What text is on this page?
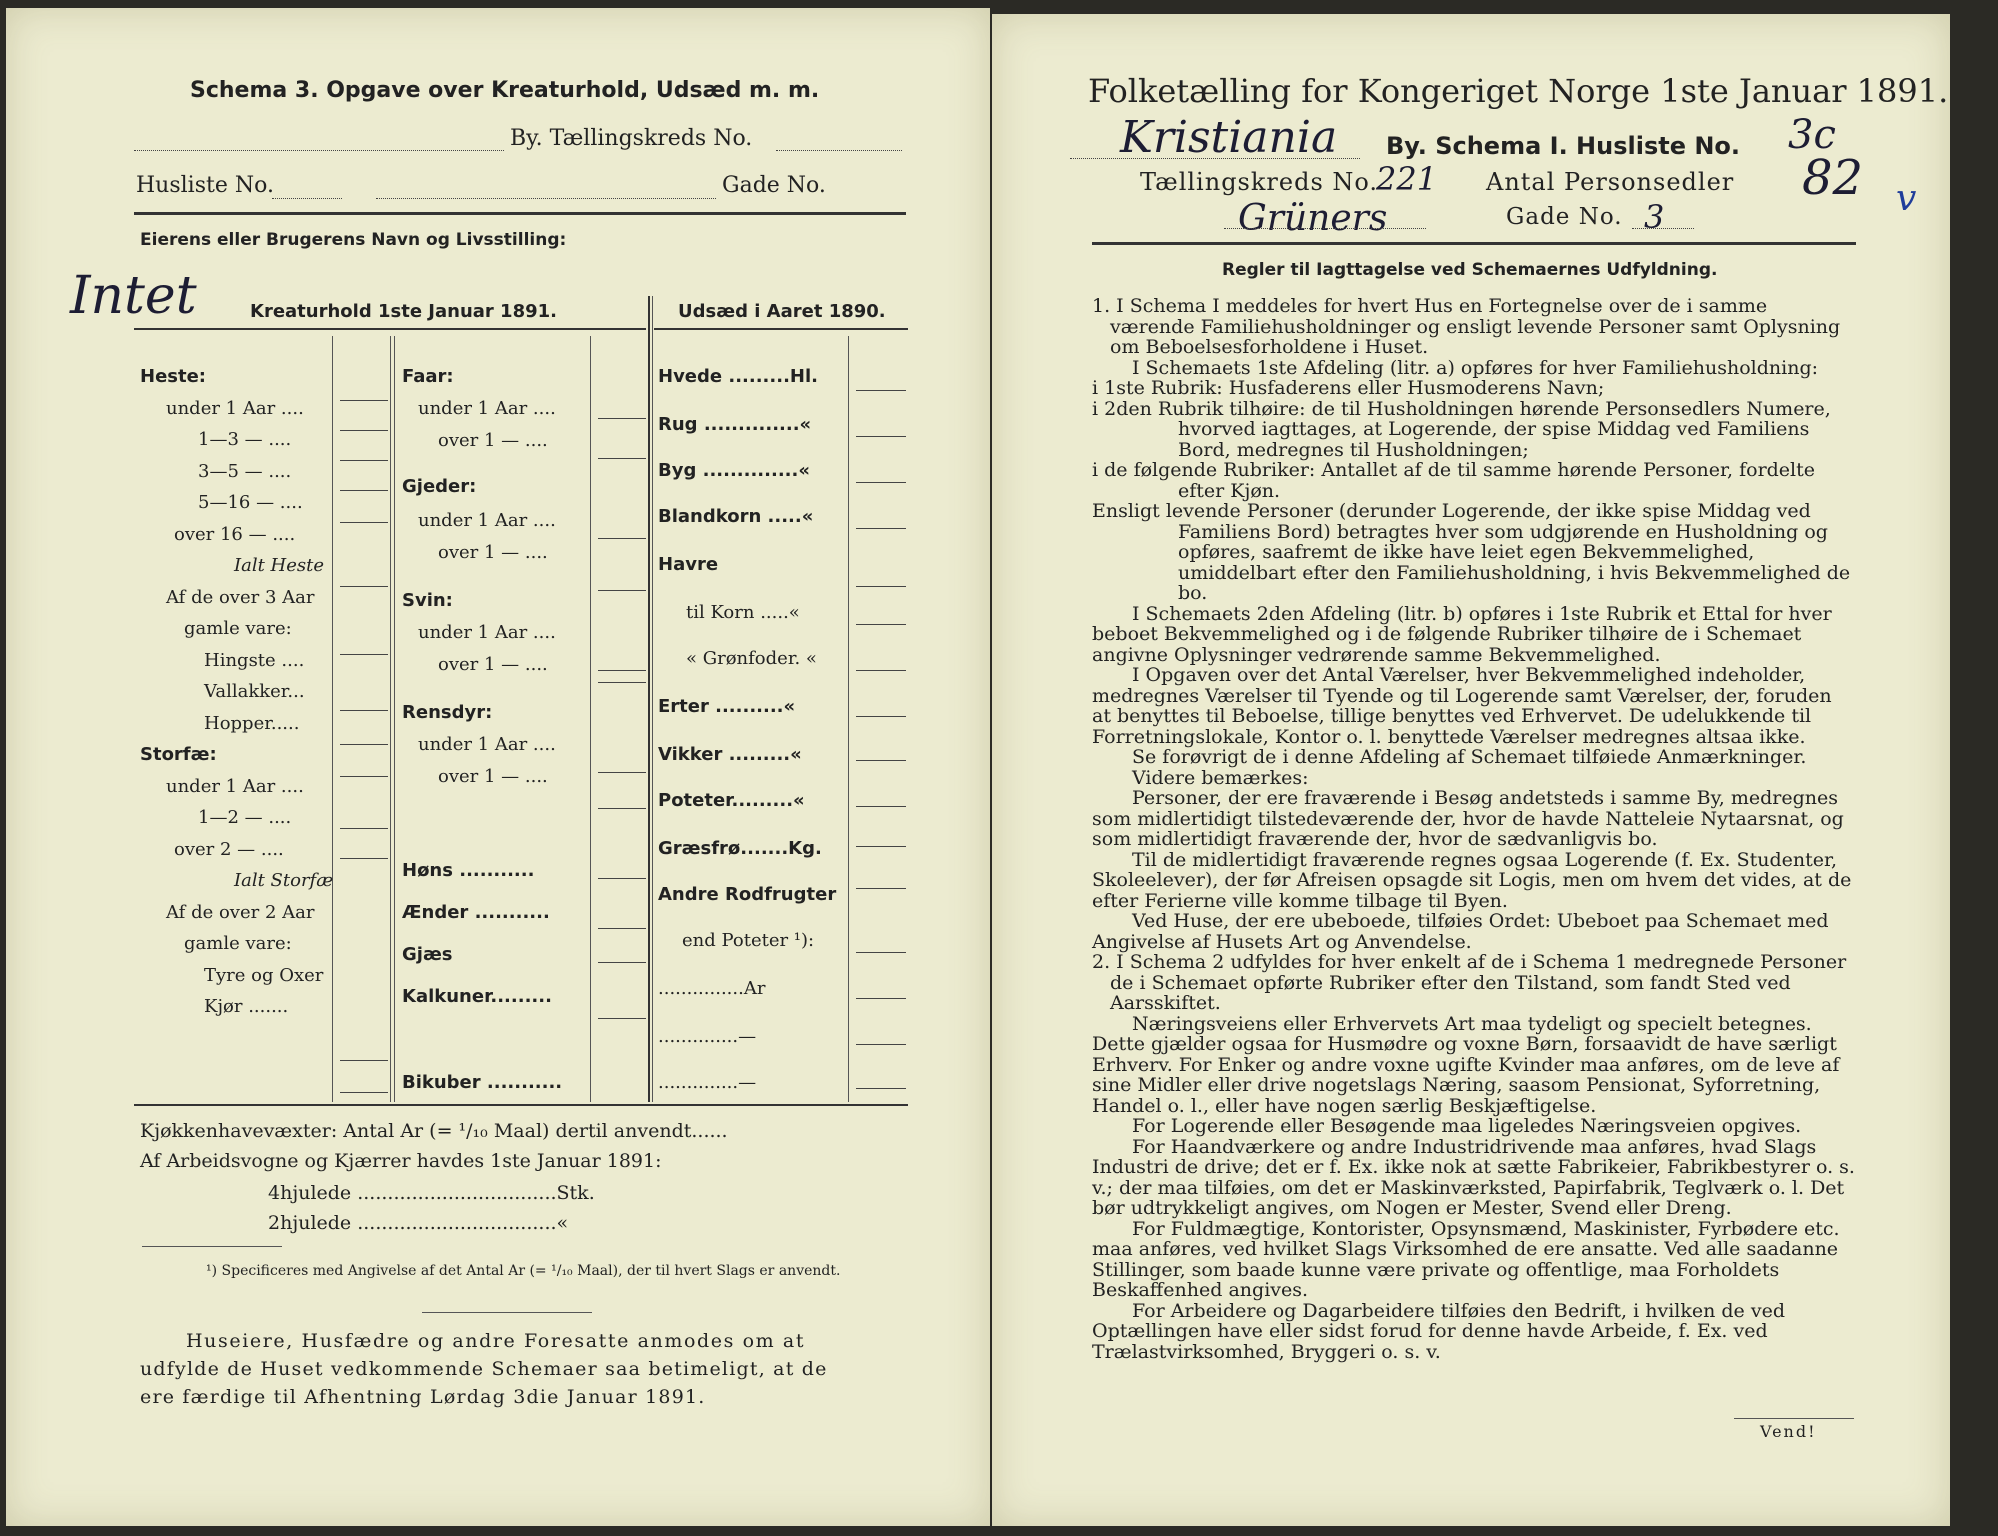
Schema 3. Opgave over Kreaturhold, Udsæd m. m.
By. Tællingskreds No.
Husliste No.	Gade No.
Eierens eller Brugerens Navn og Livsstilling:
Intet	Kreaturhold 1ste Januar 1891.	Udsæd i Aaret 1890.
Heste:
under 1 Aar ....
1—3 — ....
3—5 — ....
5—16 — ....
over 16 — ....
Ialt Heste
Af de over 3 Aar
gamle vare:
Hingste ....
Vallakker...
Hopper.....
Storfæ:
under 1 Aar ....
1—2 — ....
over 2 — ....
Ialt Storfæ
Af de over 2 Aar
gamle vare:
Tyre og Oxer
Kjør .......
Faar:
under 1 Aar ....
over 1 — ....
Gjeder:
under 1 Aar ....
over 1 — ....
Svin:
under 1 Aar ....
over 1 — ....
Rensdyr:
under 1 Aar ....
over 1 — ....
Høns ...........
Ænder ...........
Gjæs
Kalkuner.........
Bikuber ...........
Hvede .........Hl.
Rug ..............«
Byg ..............«
Blandkorn .....«
Havre
til Korn .....«
« Grønfoder. «
Erter ..........«
Vikker .........«
Poteter.........«
Græsfrø.......Kg.
Andre Rodfrugter
end Poteter ¹):
...............Ar
..............—
..............—
Kjøkkenhavevæxter: Antal Ar (= ¹/₁₀ Maal) dertil anvendt......
Af Arbeidsvogne og Kjærrer havdes 1ste Januar 1891:
4hjulede .................................Stk.
2hjulede .................................«
¹) Specificeres med Angivelse af det Antal Ar (= ¹/₁₀ Maal), der til hvert Slags er anvendt.
Huseiere, Husfædre og andre Foresatte anmodes om at
udfylde de Huset vedkommende Schemaer saa betimeligt, at de
ere færdige til Afhentning Lørdag 3die Januar 1891.
Folketælling for Kongeriget Norge 1ste Januar 1891.
Kristiania By. Schema I. Husliste No. 3c
Tællingskreds No.
221 Antal Personsedler 82 v
Grüners	Gade No. 3
Regler til Iagttagelse ved Schemaernes Udfyldning.

1. I Schema I meddeles for hvert Hus en Fortegnelse over de i samme værende Familiehusholdninger og ensligt levende Personer samt Oplysning om Beboelsesforholdene i Huset.

I Schemaets 1ste Afdeling (litr. a) opføres for hver Familiehusholdning:

i 1ste Rubrik: Husfaderens eller Husmoderens Navn;

i 2den Rubrik tilhøire: de til Husholdningen hørende Personsedlers Numere, hvorved iagttages, at Logerende, der spise Middag ved Familiens Bord, medregnes til Husholdningen;

i de følgende Rubriker: Antallet af de til samme hørende Personer, fordelte efter Kjøn.

Ensligt levende Personer (derunder Logerende, der ikke spise Middag ved Familiens Bord) betragtes hver som udgjørende en Husholdning og opføres, saafremt de ikke have leiet egen Bekvemmelighed, umiddelbart efter den Familiehusholdning, i hvis Bekvemmelighed de bo.

I Schemaets 2den Afdeling (litr. b) opføres i 1ste Rubrik et Ettal for hver beboet Bekvemmelighed og i de følgende Rubriker tilhøire de i Schemaet angivne Oplysninger vedrørende samme Bekvemmelighed.

I Opgaven over det Antal Værelser, hver Bekvemmelighed indeholder, medregnes Værelser til Tyende og til Logerende samt Værelser, der, foruden at benyttes til Beboelse, tillige benyttes ved Erhvervet. De udelukkende til Forretningslokale, Kontor o. l. benyttede Værelser medregnes altsaa ikke.

Se forøvrigt de i denne Afdeling af Schemaet tilføiede Anmærkninger.

Videre bemærkes:

Personer, der ere fraværende i Besøg andetsteds i samme By, medregnes som midlertidigt tilstedeværende der, hvor de havde Natteleie Nytaarsnat, og som midlertidigt fraværende der, hvor de sædvanligvis bo.

Til de midlertidigt fraværende regnes ogsaa Logerende (f. Ex. Studenter, Skoleelever), der før Afreisen opsagde sit Logis, men om hvem det vides, at de efter Ferierne ville komme tilbage til Byen.

Ved Huse, der ere ubeboede, tilføies Ordet: Ubeboet paa Schemaet med Angivelse af Husets Art og Anvendelse.

2. I Schema 2 udfyldes for hver enkelt af de i Schema 1 medregnede Personer de i Schemaet opførte Rubriker efter den Tilstand, som fandt Sted ved Aarsskiftet.

Næringsveiens eller Erhvervets Art maa tydeligt og specielt betegnes. Dette gjælder ogsaa for Husmødre og voxne Børn, forsaavidt de have særligt Erhverv. For Enker og andre voxne ugifte Kvinder maa anføres, om de leve af sine Midler eller drive nogetslags Næring, saasom Pensionat, Syforretning, Handel o. l., eller have nogen særlig Beskjæftigelse.

For Logerende eller Besøgende maa ligeledes Næringsveien opgives.

For Haandværkere og andre Industridrivende maa anføres, hvad Slags Industri de drive; det er f. Ex. ikke nok at sætte Fabrikeier, Fabrikbestyrer o. s. v.; der maa tilføies, om det er Maskinværksted, Papirfabrik, Teglværk o. l. Det bør udtrykkeligt angives, om Nogen er Mester, Svend eller Dreng.

For Fuldmægtige, Kontorister, Opsynsmænd, Maskinister, Fyrbødere etc. maa anføres, ved hvilket Slags Virksomhed de ere ansatte. Ved alle saadanne Stillinger, som baade kunne være private og offentlige, maa Forholdets Beskaffenhed angives.

For Arbeidere og Dagarbeidere tilføies den Bedrift, i hvilken de ved Optællingen have eller sidst forud for denne havde Arbeide, f. Ex. ved Trælastvirksomhed, Bryggeri o. s. v.

Vend!
